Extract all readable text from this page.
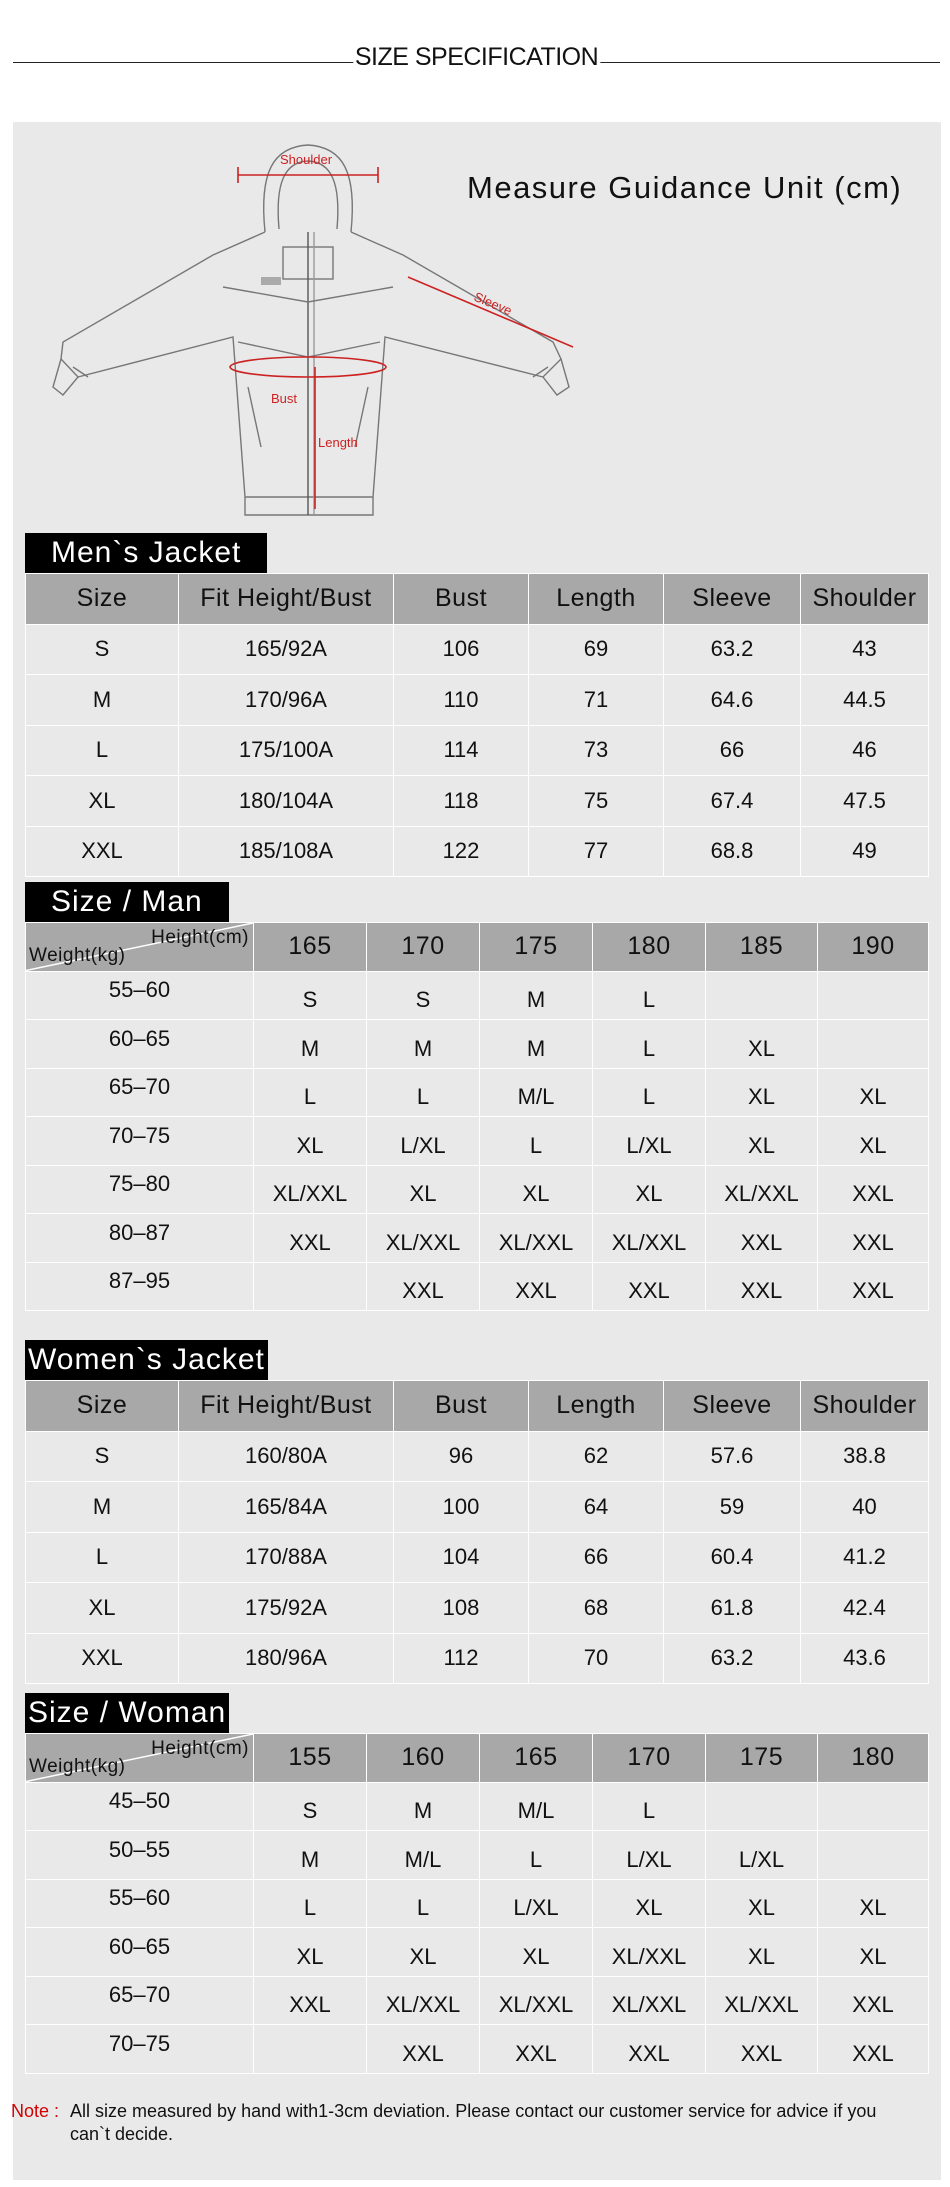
SIZE SPECIFICATION
Shoulder
Sleeve
Bust
Length
Measure Guidance Unit (cm)
Men`s Jacket
Size	Fit Height/Bust	Bust	Length	Sleeve	Shoulder
S	165/92A	106	69	63.2	43
M	170/96A	110	71	64.6	44.5
L	175/100A	114	73	66	46
XL	180/104A	118	75	67.4	47.5
XXL	185/108A	122	77	68.8	49
Size / Man
Height(cm)
Weight(kg)	165	170	175	180	185	190
55–60	S	S	M	L		
60–65	M	M	M	L	XL	
65–70	L	L	M/L	L	XL	XL
70–75	XL	L/XL	L	L/XL	XL	XL
75–80	XL/XXL	XL	XL	XL	XL/XXL	XXL
80–87	XXL	XL/XXL	XL/XXL	XL/XXL	XXL	XXL
87–95		XXL	XXL	XXL	XXL	XXL
Women`s Jacket
Size	Fit Height/Bust	Bust	Length	Sleeve	Shoulder
S	160/80A	96	62	57.6	38.8
M	165/84A	100	64	59	40
L	170/88A	104	66	60.4	41.2
XL	175/92A	108	68	61.8	42.4
XXL	180/96A	112	70	63.2	43.6
Size / Woman
Height(cm)
Weight(kg)	155	160	165	170	175	180
45–50	S	M	M/L	L		
50–55	M	M/L	L	L/XL	L/XL	
55–60	L	L	L/XL	XL	XL	XL
60–65	XL	XL	XL	XL/XXL	XL	XL
65–70	XXL	XL/XXL	XL/XXL	XL/XXL	XL/XXL	XXL
70–75		XXL	XXL	XXL	XXL	XXL
Note : All size measured by hand with1-3cm deviation. Please contact our customer service for advice if you can`t decide.
